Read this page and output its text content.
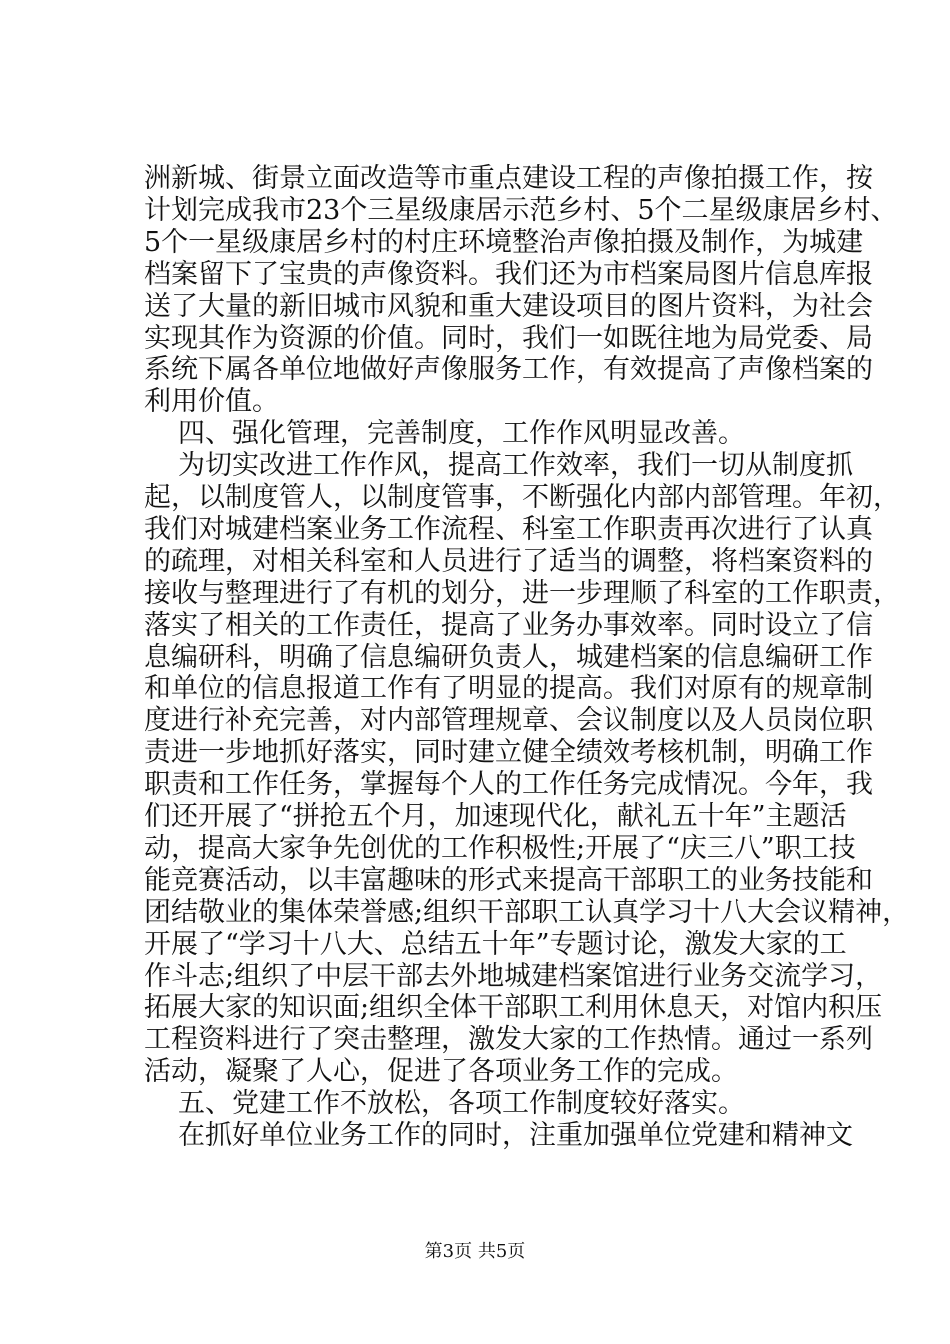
洲新城、街景立面改造等市重点建设工程的声像拍摄工作，按
计划完成我市23个三星级康居示范乡村、5个二星级康居乡村、
5个一星级康居乡村的村庄环境整治声像拍摄及制作，为城建
档案留下了宝贵的声像资料。我们还为市档案局图片信息库报
送了大量的新旧城市风貌和重大建设项目的图片资料，为社会
实现其作为资源的价值。同时，我们一如既往地为局党委、局
系统下属各单位地做好声像服务工作，有效提高了声像档案的
利用价值。
四、强化管理，完善制度，工作作风明显改善。
为切实改进工作作风，提高工作效率，我们一切从制度抓
起，以制度管人，以制度管事，不断强化内部内部管理。年初，
我们对城建档案业务工作流程、科室工作职责再次进行了认真
的疏理，对相关科室和人员进行了适当的调整，将档案资料的
接收与整理进行了有机的划分，进一步理顺了科室的工作职责，
落实了相关的工作责任，提高了业务办事效率。同时设立了信
息编研科，明确了信息编研负责人，城建档案的信息编研工作
和单位的信息报道工作有了明显的提高。我们对原有的规章制
度进行补充完善，对内部管理规章、会议制度以及人员岗位职
责进一步地抓好落实，同时建立健全绩效考核机制，明确工作
职责和工作任务，掌握每个人的工作任务完成情况。今年，我
们还开展了“拼抢五个月，加速现代化，献礼五十年”主题活
动，提高大家争先创优的工作积极性;开展了“庆三八”职工技
能竞赛活动，以丰富趣味的形式来提高干部职工的业务技能和
团结敬业的集体荣誉感;组织干部职工认真学习十八大会议精神，
开展了“学习十八大、总结五十年”专题讨论，激发大家的工
作斗志;组织了中层干部去外地城建档案馆进行业务交流学习，
拓展大家的知识面;组织全体干部职工利用休息天，对馆内积压
工程资料进行了突击整理，激发大家的工作热情。通过一系列
活动，凝聚了人心，促进了各项业务工作的完成。
五、党建工作不放松，各项工作制度较好落实。
在抓好单位业务工作的同时，注重加强单位党建和精神文
第3页 共5页
